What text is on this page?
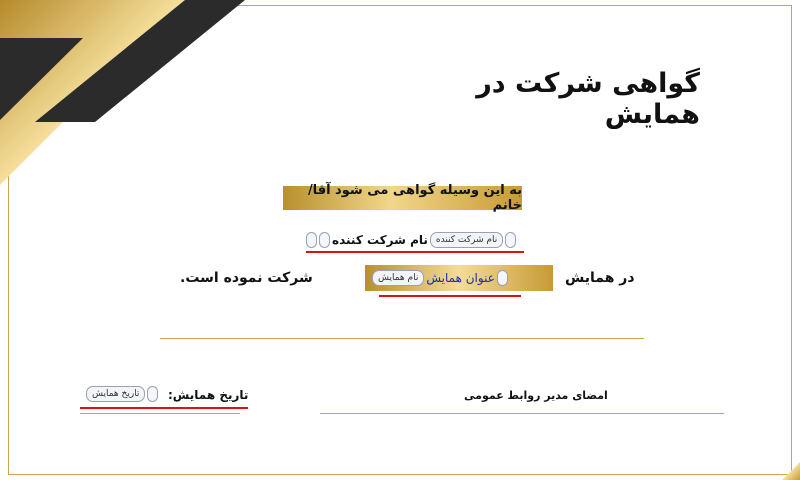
گواهی شرکت در همایش
به این وسیله گواهی می شود آقا/ خانم
نام شرکت کننده
نام شرکت کننده
در همایش
عنوان همایش
نام همایش
شرکت نموده است.
تاریخ همایش	تاریخ همایش:	امضای مدیر روابط عمومی
